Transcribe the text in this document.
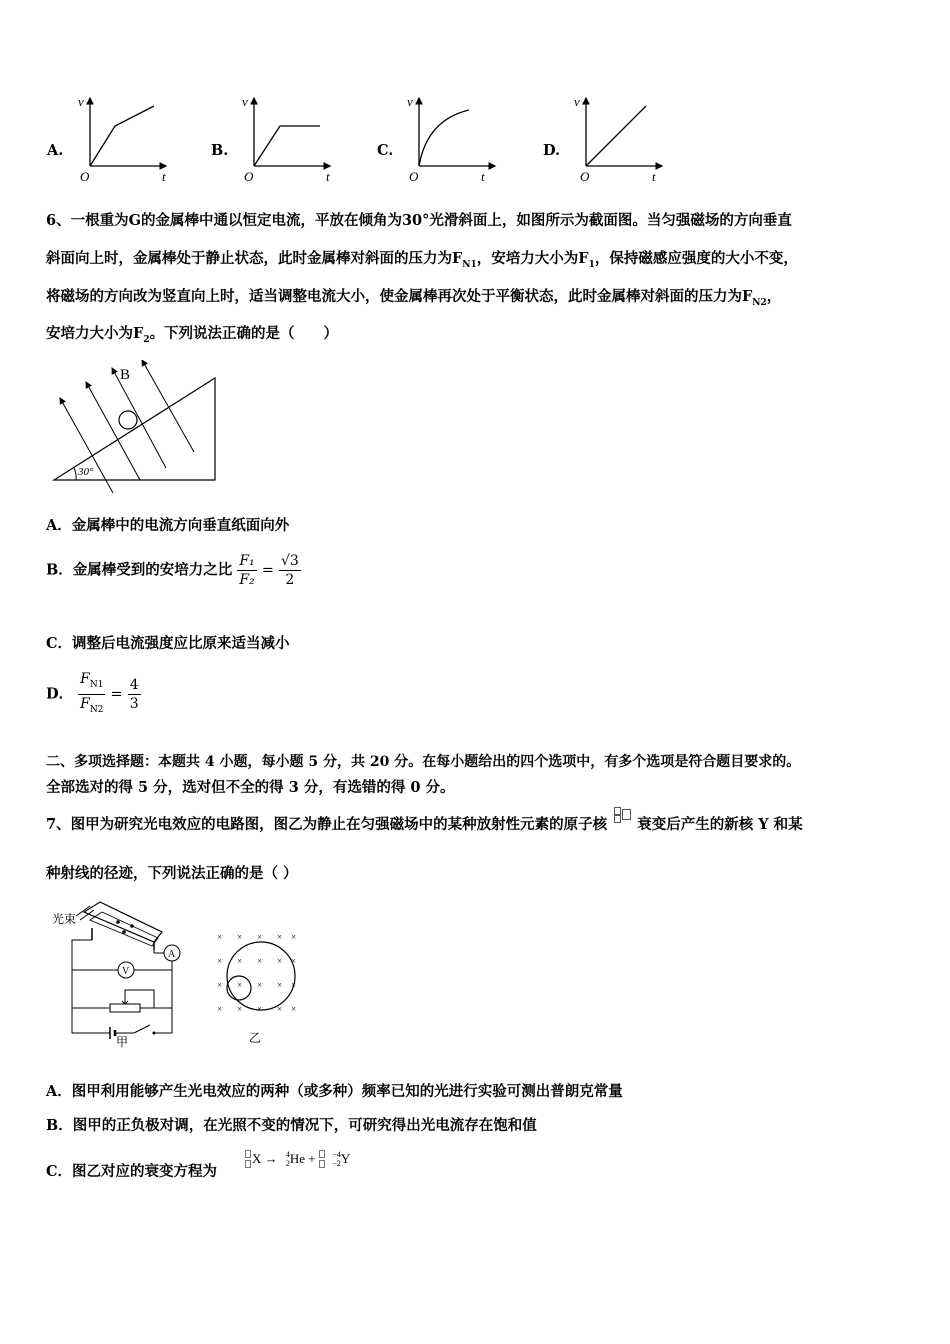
A.	B.	C.	D.
v
t
O
v
t
O
v
t
O
v
t
O
6、一根重为G的金属棒中通以恒定电流，平放在倾角为30°光滑斜面上，如图所示为截面图。当匀强磁场的方向垂直
斜面向上时，金属棒处于静止状态，此时金属棒对斜面的压力为$F_{N1}$，安培力大小为$F_1$，保持磁感应强度的大小不变，
将磁场的方向改为竖直向上时，适当调整电流大小，使金属棒再次处于平衡状态，此时金属棒对斜面的压力为$F_{N2}$，
安培力大小为$F_2$。下列说法正确的是（　　）
B
30°
A．金属棒中的电流方向垂直纸面向外
B．金属棒受到的安培力之比 $\frac{\text{F₁}}{\text{F₂}} = \frac{√3}{2}$
C．调整后电流强度应比原来适当减小
D． $\frac{F_{N1}}{F_{N2}} = \frac{4}{3}$
二、多项选择题：本题共 4 小题，每小题 5 分，共 20 分。在每小题给出的四个选项中，有多个选项是符合题目要求的。
全部选对的得 5 分，选对但不全的得 3 分，有选错的得 0 分。
7、图甲为研究光电效应的电路图，图乙为静止在匀强磁场中的某种放射性元素的原子核 衰变后产生的新核 Y 和某
种射线的径迹，下列说法正确的是（ ）
光束
A
V
甲
× × × × ×
× × × × ×
× × × × ×
× × × × ×
乙
A．图甲利用能够产生光电效应的两种（或多种）频率已知的光进行实验可测出普朗克常量
B．图甲的正负极对调，在光照不变的情况下，可研究得出光电流存在饱和值
C．图乙对应的衰变方程为
X → 4
2 He + −4
−2 Y
